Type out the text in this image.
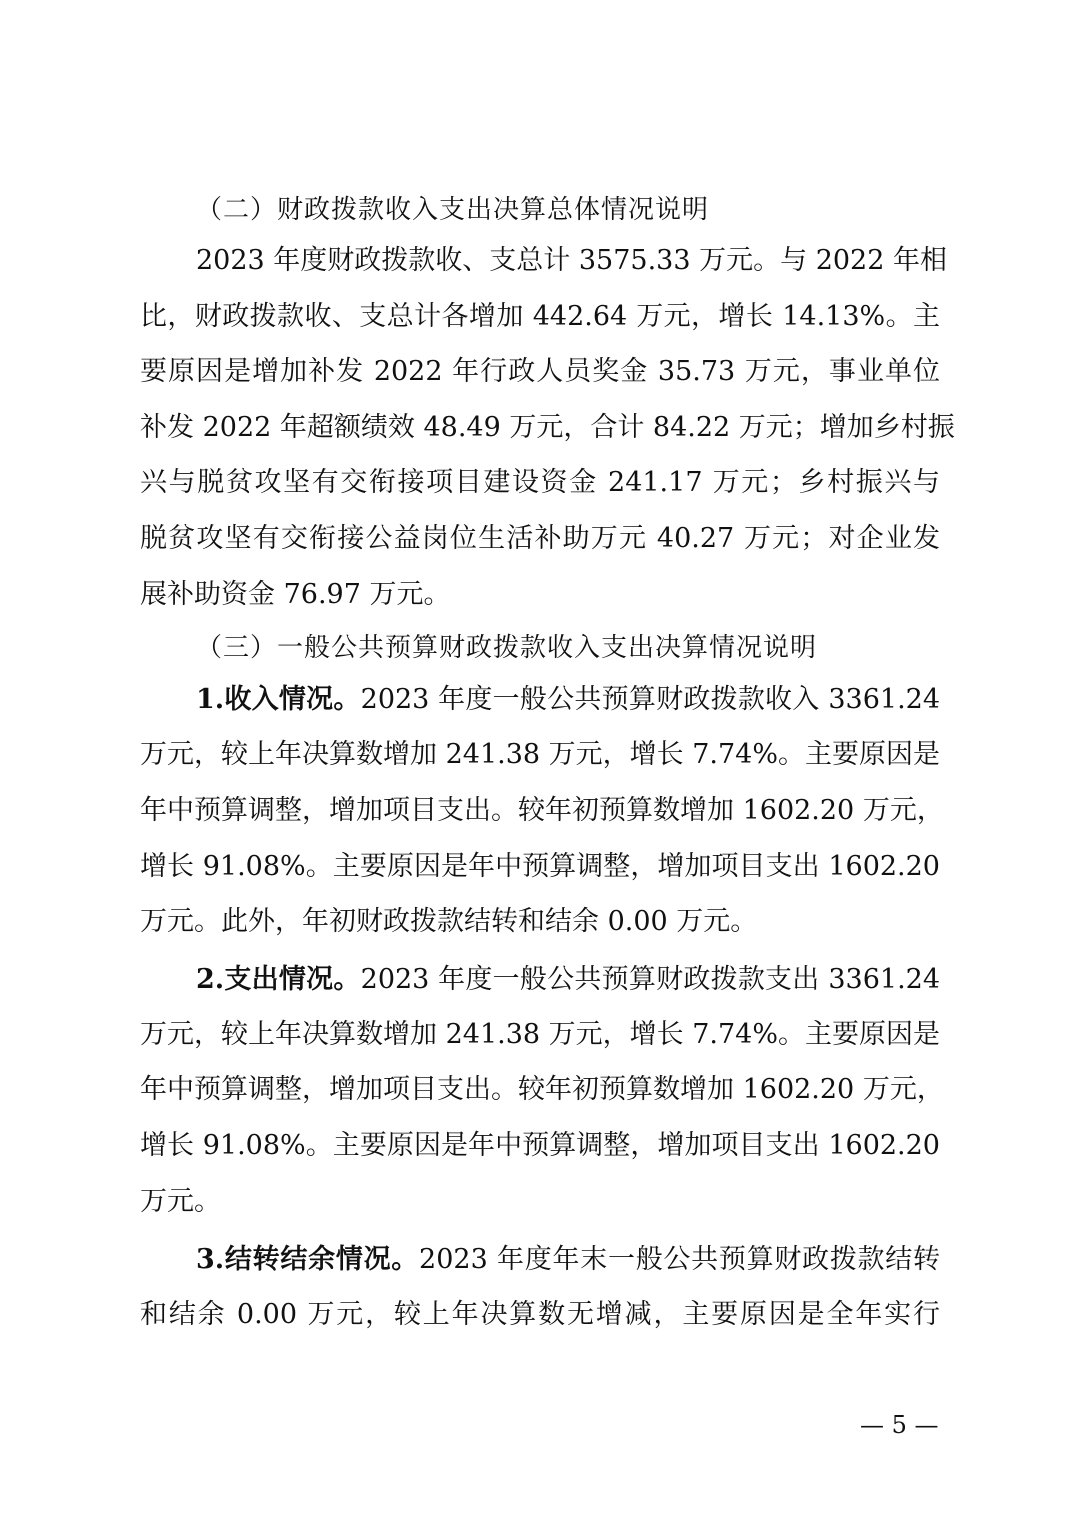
（二）财政拨款收入支出决算总体情况说明
2023 年度财政拨款收、支总计 3575.33 万元。与 2022 年相
比，财政拨款收、支总计各增加 442.64 万元，增长 14.13%。主
要原因是增加补发 2022 年行政人员奖金 35.73 万元，事业单位
补发 2022 年超额绩效 48.49 万元，合计 84.22 万元；增加乡村振
兴与脱贫攻坚有交衔接项目建设资金 241.17 万元；乡村振兴与
脱贫攻坚有交衔接公益岗位生活补助万元 40.27 万元；对企业发
展补助资金 76.97 万元。
（三）一般公共预算财政拨款收入支出决算情况说明
1.收入情况。2023 年度一般公共预算财政拨款收入 3361.24
万元，较上年决算数增加 241.38 万元，增长 7.74%。主要原因是
年中预算调整，增加项目支出。较年初预算数增加 1602.20 万元，
增长 91.08%。主要原因是年中预算调整，增加项目支出 1602.20
万元。此外，年初财政拨款结转和结余 0.00 万元。
2.支出情况。2023 年度一般公共预算财政拨款支出 3361.24
万元，较上年决算数增加 241.38 万元，增长 7.74%。主要原因是
年中预算调整，增加项目支出。较年初预算数增加 1602.20 万元，
增长 91.08%。主要原因是年中预算调整，增加项目支出 1602.20
万元。
3.结转结余情况。2023 年度年末一般公共预算财政拨款结转
和结余 0.00 万元，较上年决算数无增减，主要原因是全年实行
— 5 —
